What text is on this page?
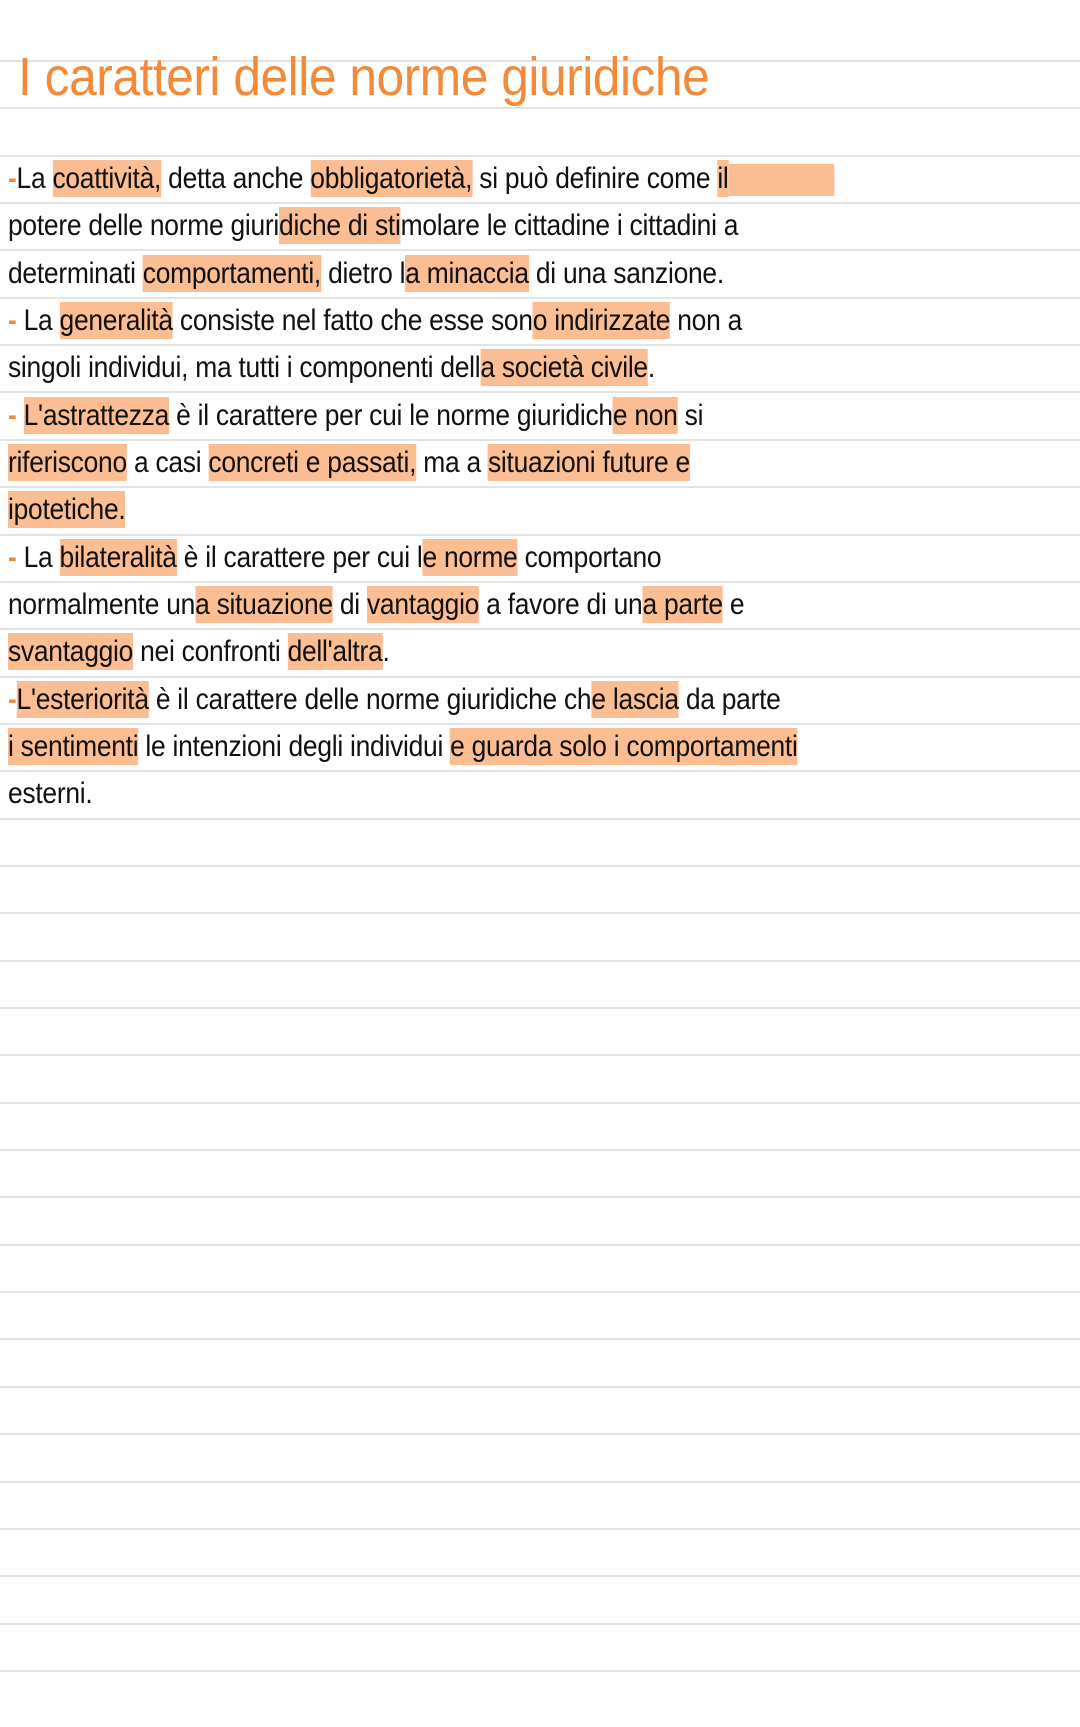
I caratteri delle norme giuridiche
-La coattività, detta anche obbligatorietà, si può definire come il
potere delle norme giuridiche di stimolare le cittadine i cittadini a
determinati comportamenti, dietro la minaccia di una sanzione.
- La generalità consiste nel fatto che esse sono indirizzate non a
singoli individui, ma tutti i componenti della società civile.
- L'astrattezza è il carattere per cui le norme giuridiche non si
riferiscono a casi concreti e passati, ma a situazioni future e
ipotetiche.
- La bilateralità è il carattere per cui le norme comportano
normalmente una situazione di vantaggio a favore di una parte e
svantaggio nei confronti dell'altra.
-L'esteriorità è il carattere delle norme giuridiche che lascia da parte
i sentimenti le intenzioni degli individui e guarda solo i comportamenti
esterni.
